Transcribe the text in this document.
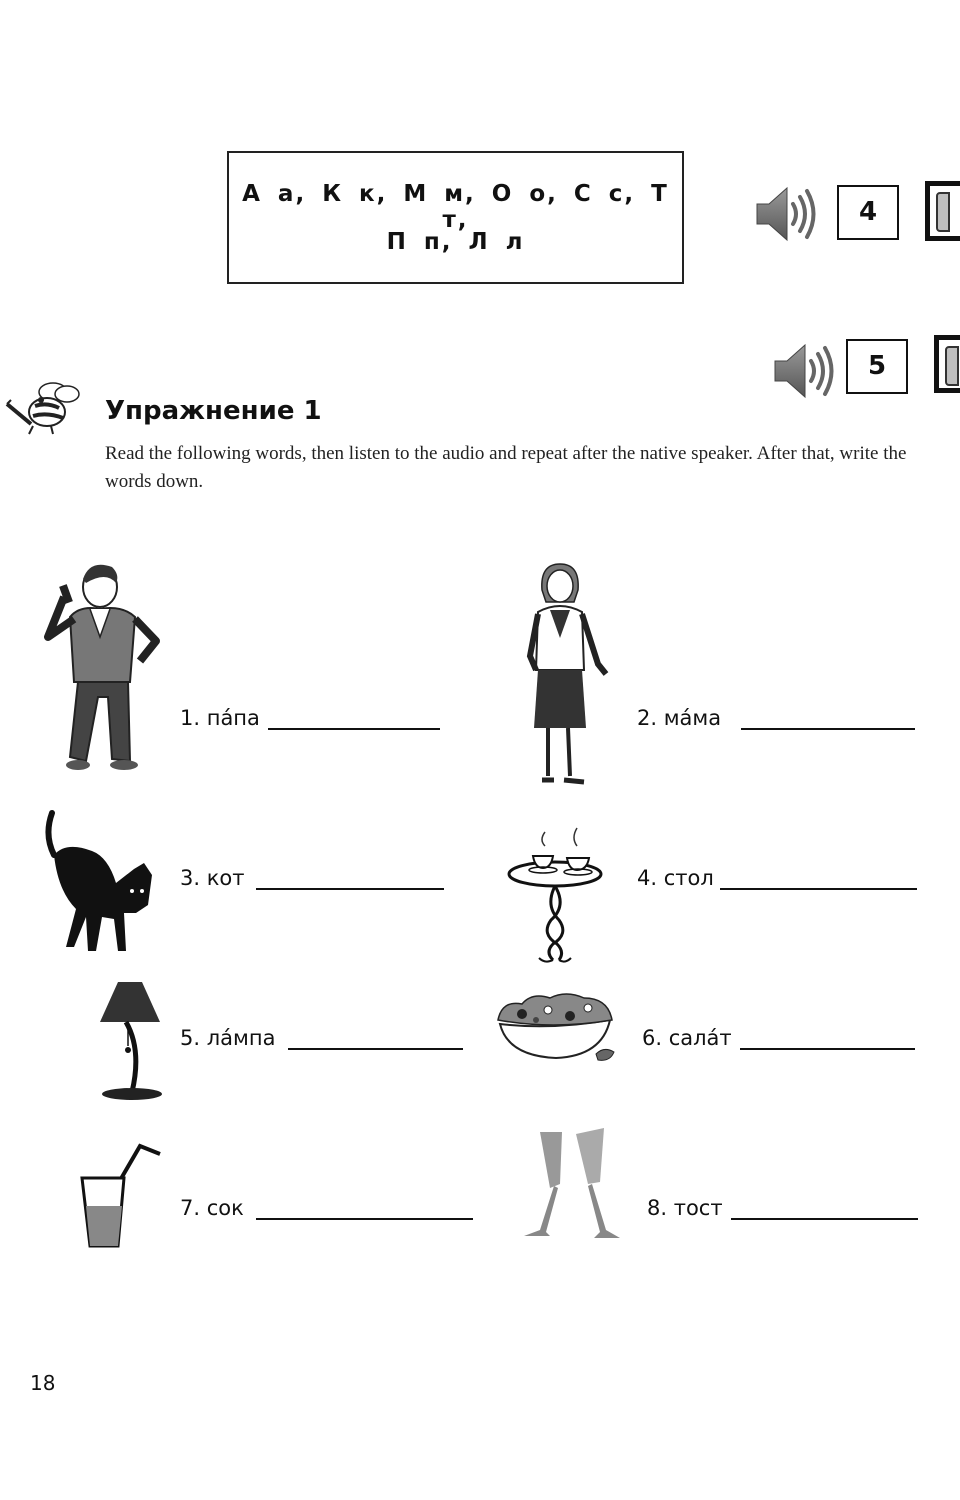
А а, К к, М м, О о, С с, Т т,
П п, Л л
4
5
Упражнение 1
Read the following words, then listen to the audio and repeat after the native speaker. After that, write the words down.
1. па́па	2. ма́ма
3. кот	4. стол
5. ла́мпа	6. сала́т
7. сок	8. тост
18
